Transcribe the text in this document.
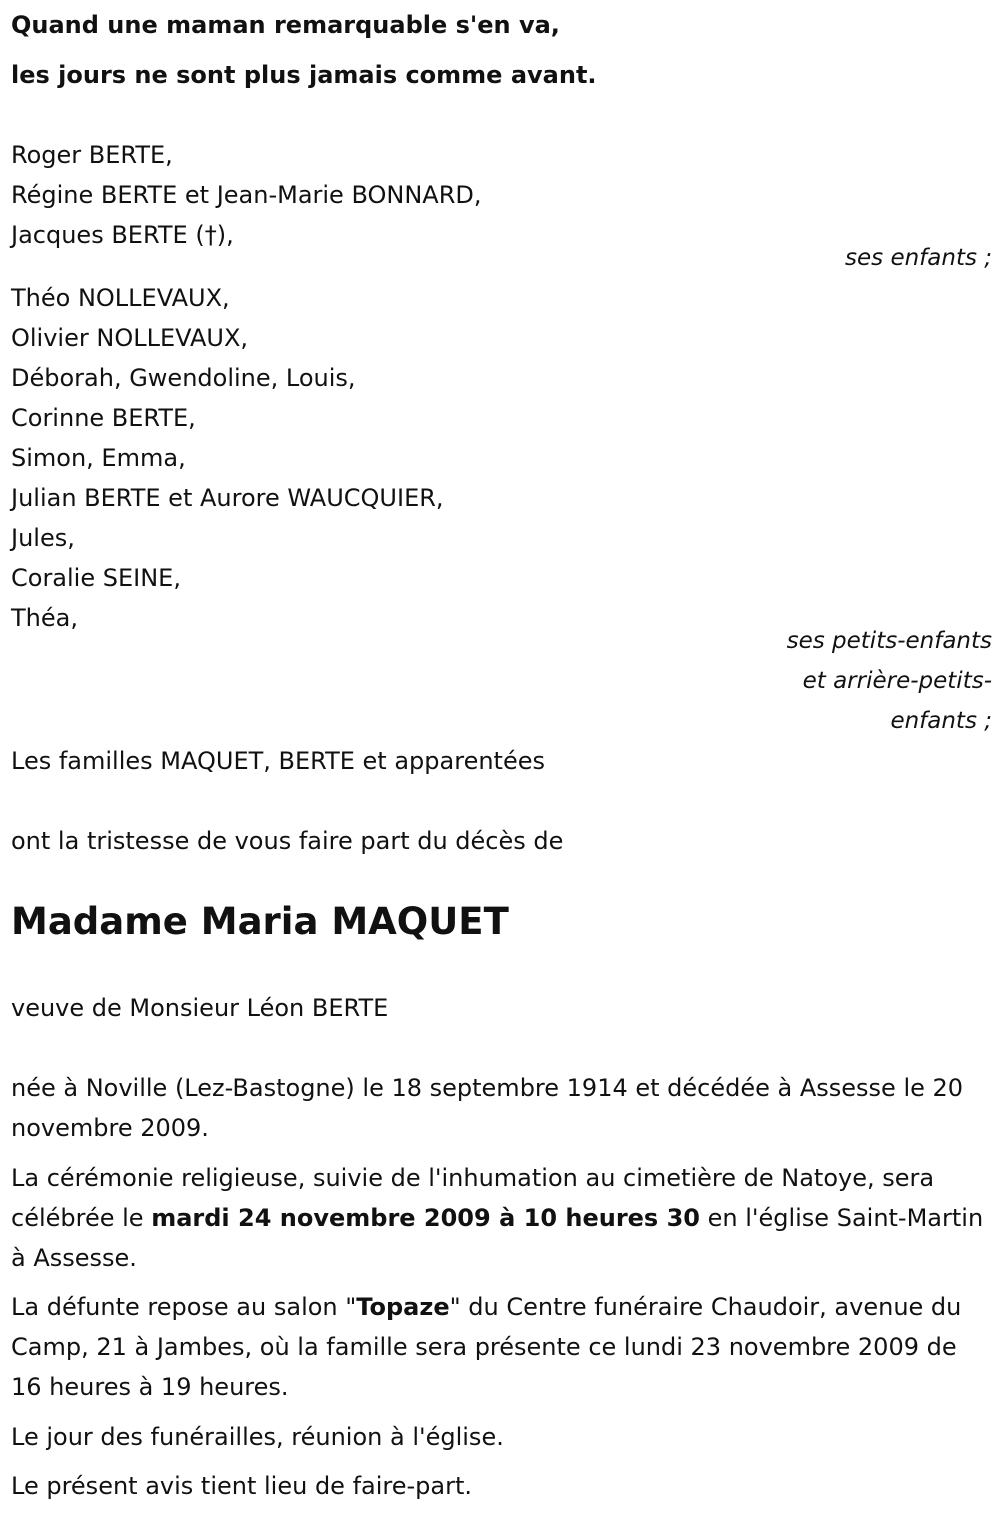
Quand une maman remarquable s'en va,
les jours ne sont plus jamais comme avant.
Roger BERTE,
Régine BERTE et Jean-Marie BONNARD,
Jacques BERTE (†),
ses enfants ;
Théo NOLLEVAUX,
Olivier NOLLEVAUX,
Déborah, Gwendoline, Louis,
Corinne BERTE,
Simon, Emma,
Julian BERTE et Aurore WAUCQUIER,
Jules,
Coralie SEINE,
Théa,
ses petits-enfants
et arrière-petits-
enfants ;
Les familles MAQUET, BERTE et apparentées
ont la tristesse de vous faire part du décès de
Madame Maria MAQUET
veuve de Monsieur Léon BERTE
née à Noville (Lez-Bastogne) le 18 septembre 1914 et décédée à Assesse le 20 novembre 2009.
La cérémonie religieuse, suivie de l'inhumation au cimetière de Natoye, sera célébrée le mardi 24 novembre 2009 à 10 heures 30 en l'église Saint-Martin à Assesse.
La défunte repose au salon "Topaze" du Centre funéraire Chaudoir, avenue du Camp, 21 à Jambes, où la famille sera présente ce lundi 23 novembre 2009 de 16 heures à 19 heures.
Le jour des funérailles, réunion à l'église.
Le présent avis tient lieu de faire-part.
